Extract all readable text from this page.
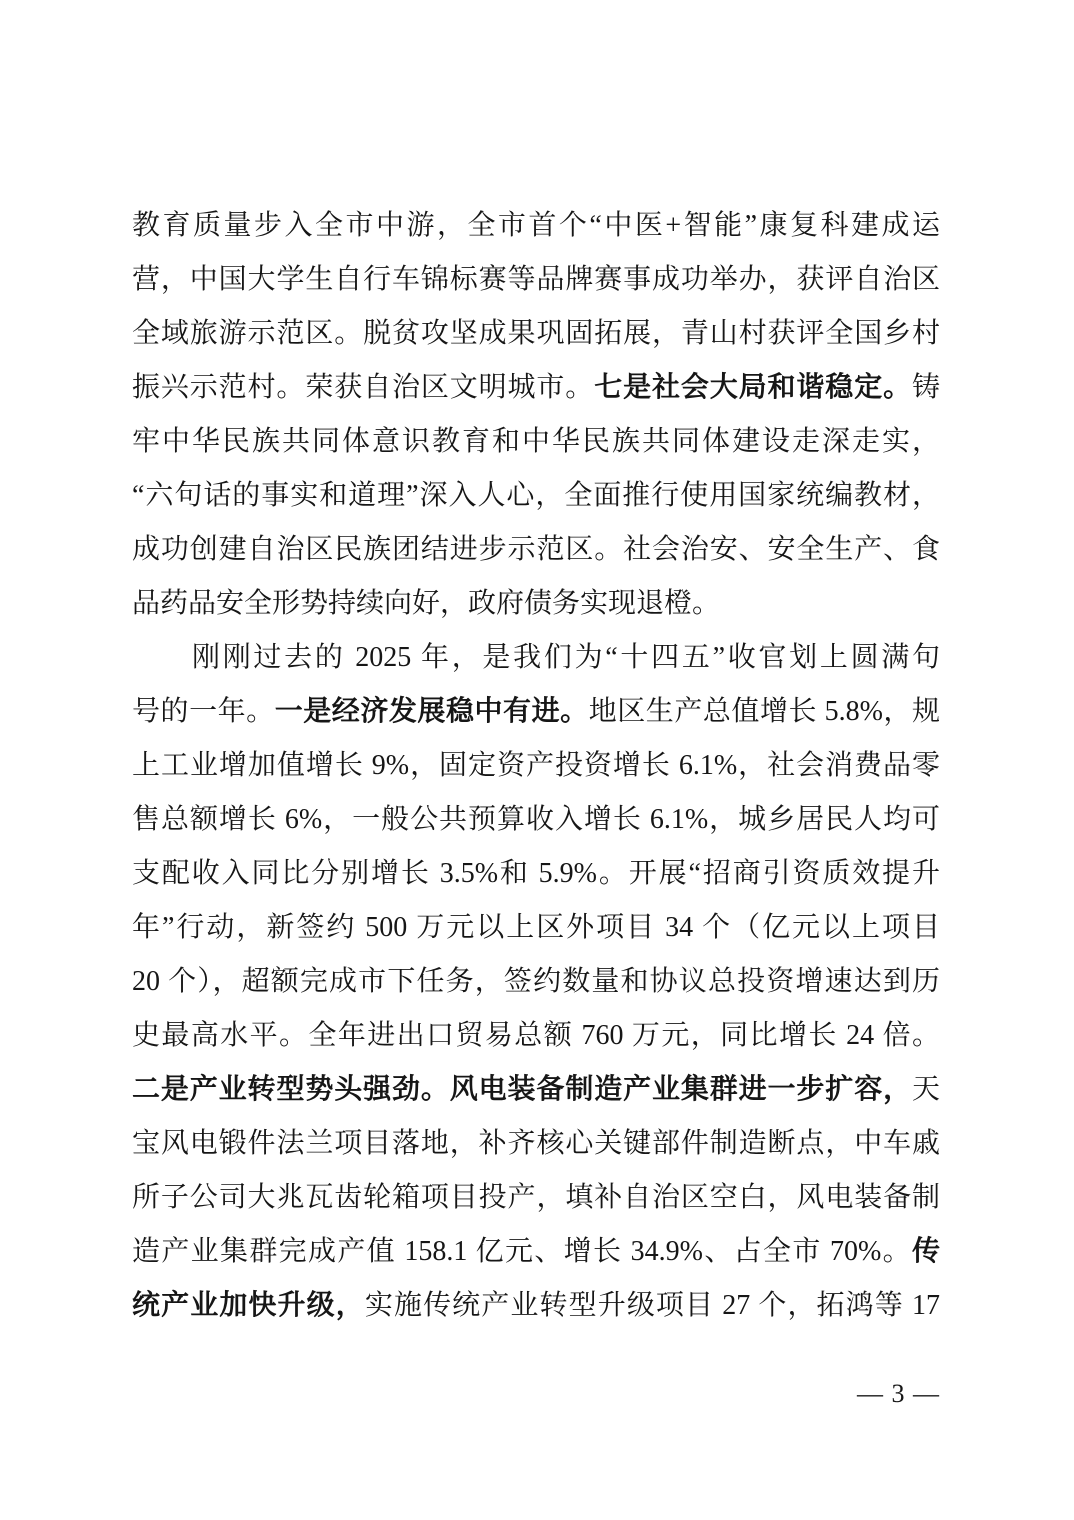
教育质量步入全市中游，全市首个“中医+智能”康复科建成运
营，中国大学生自行车锦标赛等品牌赛事成功举办，获评自治区
全域旅游示范区。脱贫攻坚成果巩固拓展，青山村获评全国乡村
振兴示范村。荣获自治区文明城市。七是社会大局和谐稳定。铸
牢中华民族共同体意识教育和中华民族共同体建设走深走实，
“六句话的事实和道理”深入人心，全面推行使用国家统编教材，
成功创建自治区民族团结进步示范区。社会治安、安全生产、食
品药品安全形势持续向好，政府债务实现退橙。
刚刚过去的 2025 年，是我们为“十四五”收官划上圆满句
号的一年。一是经济发展稳中有进。地区生产总值增长 5.8%，规
上工业增加值增长 9%，固定资产投资增长 6.1%，社会消费品零
售总额增长 6%，一般公共预算收入增长 6.1%，城乡居民人均可
支配收入同比分别增长 3.5%和 5.9%。开展“招商引资质效提升
年”行动，新签约 500 万元以上区外项目 34 个（亿元以上项目
20 个），超额完成市下任务，签约数量和协议总投资增速达到历
史最高水平。全年进出口贸易总额 760 万元，同比增长 24 倍。
二是产业转型势头强劲。风电装备制造产业集群进一步扩容，天
宝风电锻件法兰项目落地，补齐核心关键部件制造断点，中车戚
所子公司大兆瓦齿轮箱项目投产，填补自治区空白，风电装备制
造产业集群完成产值 158.1 亿元、增长 34.9%、占全市 70%。传
统产业加快升级，实施传统产业转型升级项目 27 个，拓鸿等 17
— 3 —
